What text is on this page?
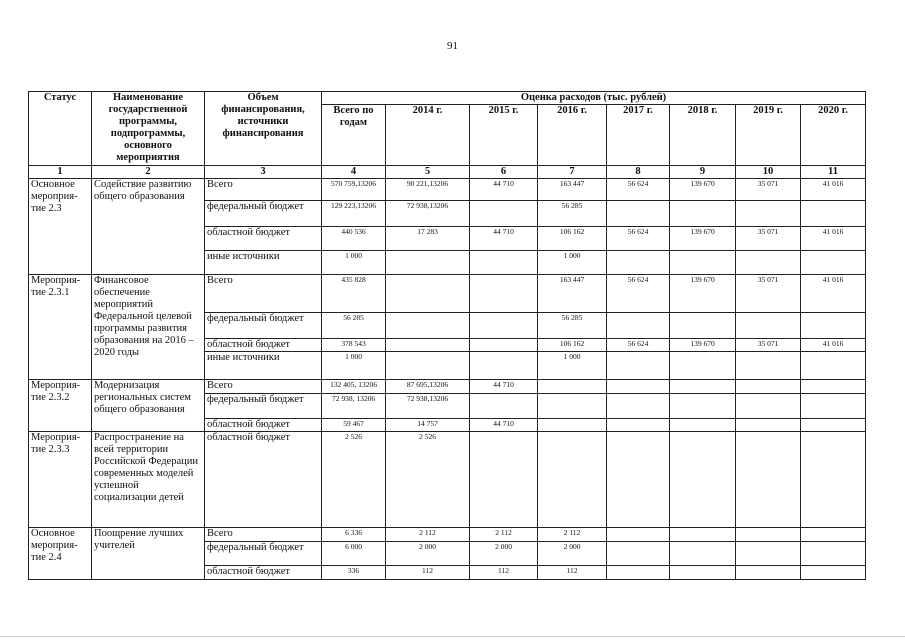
91
Статус	Наименование государственной программы, подпрограммы, основного мероприятия	Объем финансирования, источники финансирования	Оценка расходов (тыс. рублей)							
			Всего по годам	2014 г.	2015 г.	2016 г.	2017 г.	2018 г.	2019 г.	2020 г.
1	2	3	4	5	6	7	8	9	10	11
Основное мероприя-тие 2.3	Содействие развитию общего образования	Всего	570 759,13206	90 221,13206	44 710	163 447	56 624	139 670	35 071	41 016
		федеральный бюджет	129 223,13206	72 938,13206		56 285				
		областной бюджет	440 536	17 283	44 710	106 162	56 624	139 670	35 071	41 016
		иные источники	1 000			1 000				
Мероприя-тие 2.3.1	Финансовое обеспечение мероприятий Федеральной целевой программы развития образования на 2016 – 2020 годы	Всего	435 828			163 447	56 624	139 670	35 071	41 016
		федеральный бюджет	56 285			56 285				
		областной бюджет	378 543			106 162	56 624	139 670	35 071	41 016
		иные источники	1 000			1 000				
Мероприя-тие 2.3.2	Модернизация региональных систем общего образования	Всего	132 405, 13206	87 695,13206	44 710					
		федеральный бюджет	72 938, 13206	72 938,13206						
		областной бюджет	59 467	14 757	44 710					
Мероприя-тие 2.3.3	Распространение на всей территории Российской Федерации современных моделей успешной социализации детей	областной бюджет	2 526	2 526						
Основное мероприя-тие 2.4	Поощрение лучших учителей	Всего	6 336	2 112	2 112	2 112				
		федеральный бюджет	6 000	2 000	2 000	2 000				
		областной бюджет	336	112	112	112				
